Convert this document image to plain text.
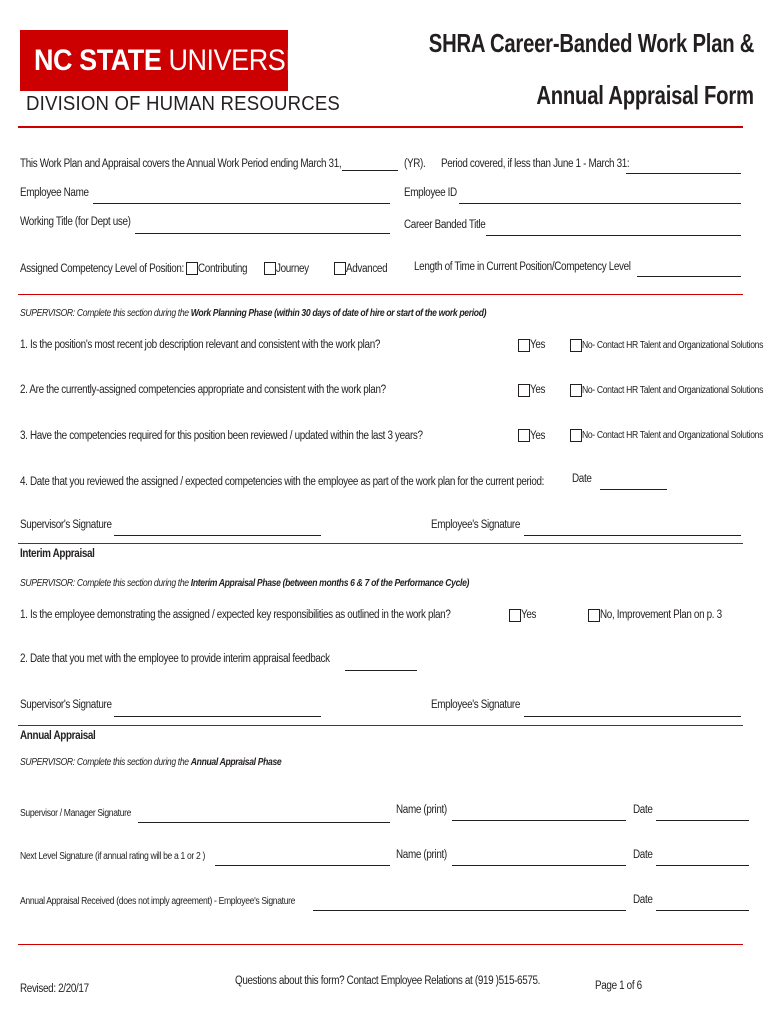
NC STATE UNIVERSITY
DIVISION OF HUMAN RESOURCES
SHRA Career-Banded Work Plan &
Annual Appraisal Form
This Work Plan and Appraisal covers the Annual Work Period ending March 31,	(YR). Period covered, if less than June 1 - March 31:
Employee Name	Employee ID
Working Title (for Dept use)	Career Banded Title
Assigned Competency Level of Position: Contributing	Journey	Advanced Length of Time in Current Position/Competency Level
SUPERVISOR: Complete this section during the Work Planning Phase (within 30 days of date of hire or start of the work period)
1. Is the position's most recent job description relevant and consistent with the work plan?	Yes	No- Contact HR Talent and Organizational Solutions
2. Are the currently-assigned competencies appropriate and consistent with the work plan?	Yes	No- Contact HR Talent and Organizational Solutions
3. Have the competencies required for this position been reviewed / updated within the last 3 years?	Yes	No- Contact HR Talent and Organizational Solutions
4. Date that you reviewed the assigned / expected competencies with the employee as part of the work plan for the current period: Date
Supervisor's Signature	Employee's Signature
Interim Appraisal
SUPERVISOR: Complete this section during the Interim Appraisal Phase (between months 6 & 7 of the Performance Cycle)
1. Is the employee demonstrating the assigned / expected key responsibilities as outlined in the work plan?	Yes	No, Improvement Plan on p. 3
2. Date that you met with the employee to provide interim appraisal feedback
Supervisor's Signature	Employee's Signature
Annual Appraisal
SUPERVISOR: Complete this section during the Annual Appraisal Phase
Supervisor / Manager Signature	Name (print)	Date
Next Level Signature (if annual rating will be a 1 or 2 )	Name (print)	Date
Annual Appraisal Received (does not imply agreement) - Employee's Signature	Date
Revised: 2/20/17
Questions about this form? Contact Employee Relations at (919 )515-6575.	Page 1 of 6
